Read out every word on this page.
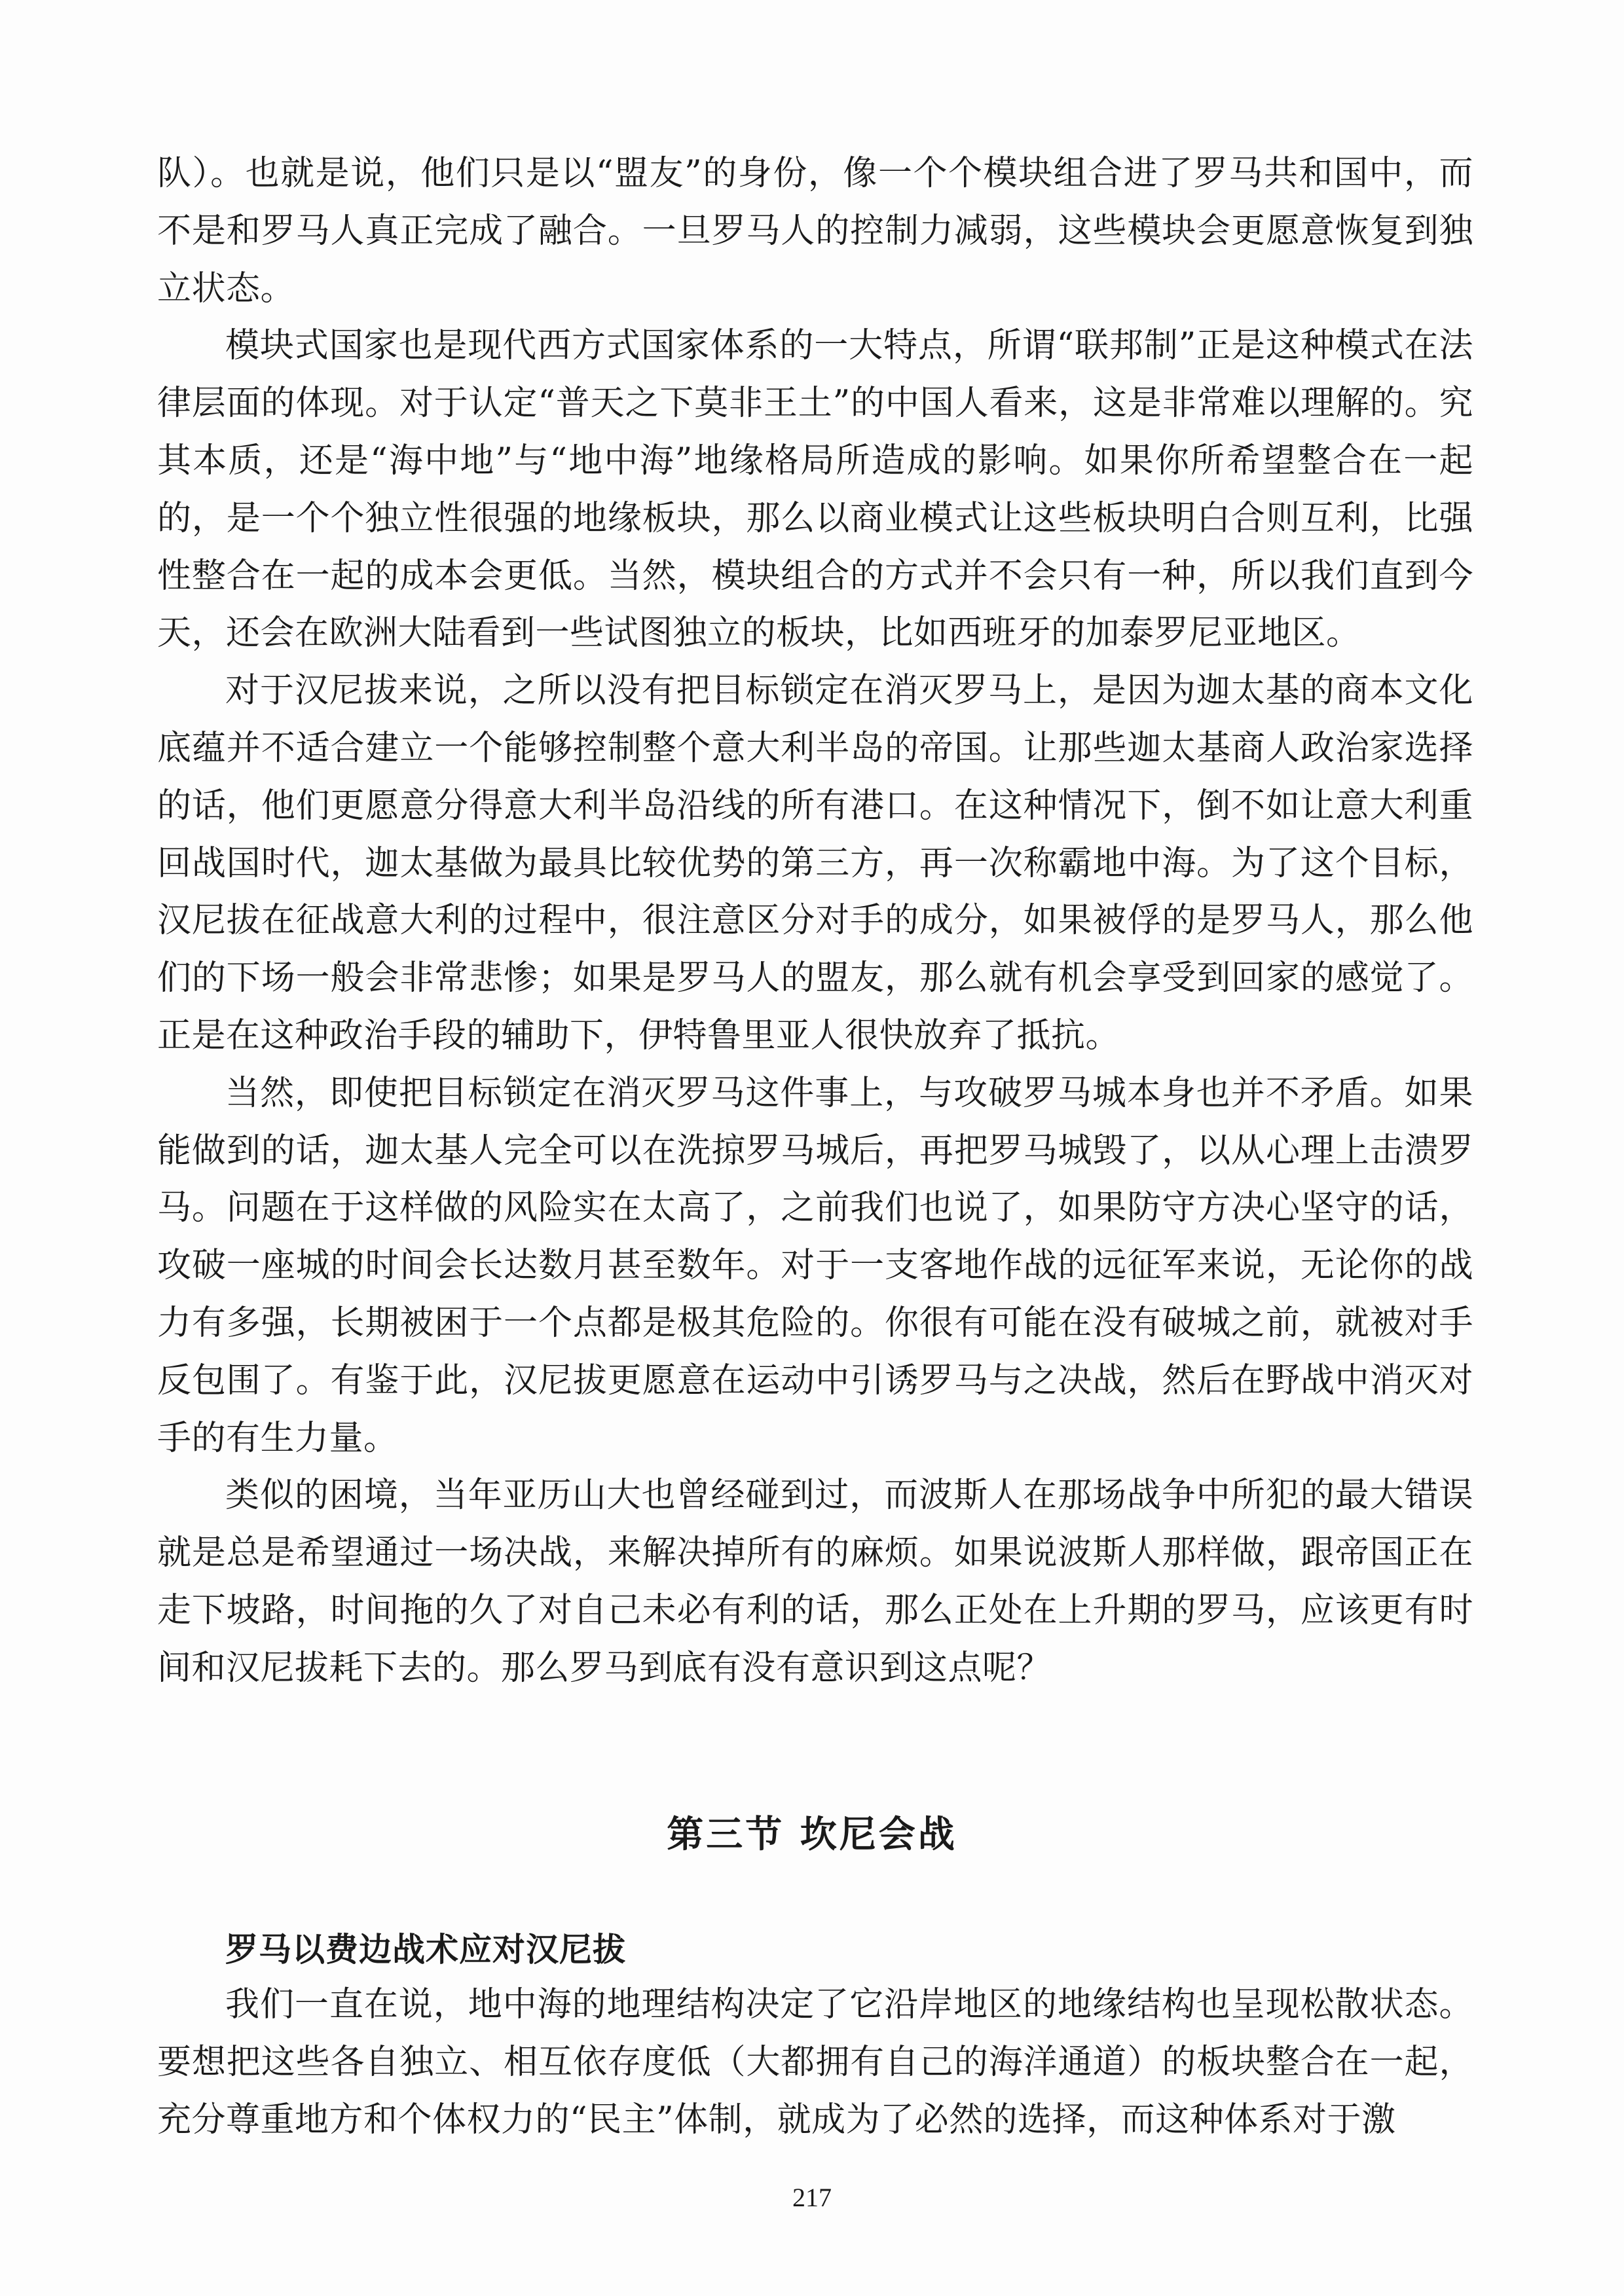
队）。也就是说，他们只是以“盟友”的身份，像一个个模块组合进了罗马共和国中，而不是和罗马人真正完成了融合。一旦罗马人的控制力减弱，这些模块会更愿意恢复到独立状态。

模块式国家也是现代西方式国家体系的一大特点，所谓“联邦制”正是这种模式在法律层面的体现。对于认定“普天之下莫非王土”的中国人看来，这是非常难以理解的。究其本质，还是“海中地”与“地中海”地缘格局所造成的影响。如果你所希望整合在一起的，是一个个独立性很强的地缘板块，那么以商业模式让这些板块明白合则互利，比强性整合在一起的成本会更低。当然，模块组合的方式并不会只有一种，所以我们直到今天，还会在欧洲大陆看到一些试图独立的板块，比如西班牙的加泰罗尼亚地区。

对于汉尼拔来说，之所以没有把目标锁定在消灭罗马上，是因为迦太基的商本文化底蕴并不适合建立一个能够控制整个意大利半岛的帝国。让那些迦太基商人政治家选择的话，他们更愿意分得意大利半岛沿线的所有港口。在这种情况下，倒不如让意大利重回战国时代，迦太基做为最具比较优势的第三方，再一次称霸地中海。为了这个目标，汉尼拔在征战意大利的过程中，很注意区分对手的成分，如果被俘的是罗马人，那么他们的下场一般会非常悲惨；如果是罗马人的盟友，那么就有机会享受到回家的感觉了。正是在这种政治手段的辅助下，伊特鲁里亚人很快放弃了抵抗。

当然，即使把目标锁定在消灭罗马这件事上，与攻破罗马城本身也并不矛盾。如果能做到的话，迦太基人完全可以在洗掠罗马城后，再把罗马城毁了，以从心理上击溃罗马。问题在于这样做的风险实在太高了，之前我们也说了，如果防守方决心坚守的话，攻破一座城的时间会长达数月甚至数年。对于一支客地作战的远征军来说，无论你的战力有多强，长期被困于一个点都是极其危险的。你很有可能在没有破城之前，就被对手反包围了。有鉴于此，汉尼拔更愿意在运动中引诱罗马与之决战，然后在野战中消灭对手的有生力量。

类似的困境，当年亚历山大也曾经碰到过，而波斯人在那场战争中所犯的最大错误就是总是希望通过一场决战，来解决掉所有的麻烦。如果说波斯人那样做，跟帝国正在走下坡路，时间拖的久了对自己未必有利的话，那么正处在上升期的罗马，应该更有时间和汉尼拔耗下去的。那么罗马到底有没有意识到这点呢？

第三节 坎尼会战
罗马以费边战术应对汉尼拔

我们一直在说，地中海的地理结构决定了它沿岸地区的地缘结构也呈现松散状态。要想把这些各自独立、相互依存度低（大都拥有自己的海洋通道）的板块整合在一起，充分尊重地方和个体权力的“民主”体制，就成为了必然的选择，而这种体系对于激

217
